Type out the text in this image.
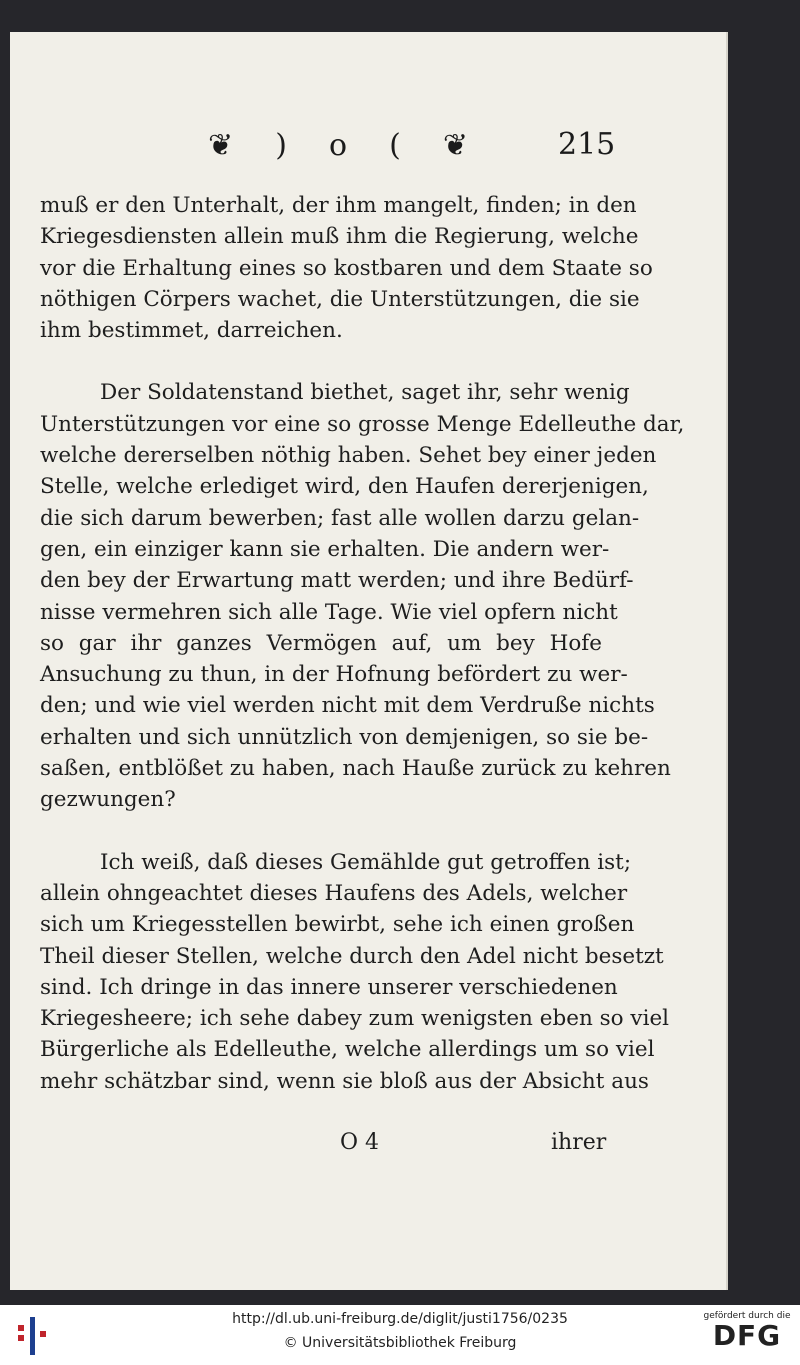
❦ ) o ( ❦	215
muß er den Unterhalt, der ihm mangelt, finden; in den
Kriegesdiensten allein muß ihm die Regierung, welche
vor die Erhaltung eines so kostbaren und dem Staate so
nöthigen Cörpers wachet, die Unterstützungen, die sie
ihm bestimmet, darreichen.
Der Soldatenstand biethet, saget ihr, sehr wenig
Unterstützungen vor eine so grosse Menge Edelleuthe dar,
welche dererselben nöthig haben. Sehet bey einer jeden
Stelle, welche erlediget wird, den Haufen dererjenigen,
die sich darum bewerben; fast alle wollen darzu gelan-
gen, ein einziger kann sie erhalten. Die andern wer-
den bey der Erwartung matt werden; und ihre Bedürf-
nisse vermehren sich alle Tage. Wie viel opfern nicht
so gar ihr ganzes Vermögen auf, um bey Hofe
Ansuchung zu thun, in der Hofnung befördert zu wer-
den; und wie viel werden nicht mit dem Verdruße nichts
erhalten und sich unnützlich von demjenigen, so sie be-
saßen, entblößet zu haben, nach Hauße zurück zu kehren
gezwungen?
Ich weiß, daß dieses Gemählde gut getroffen ist;
allein ohngeachtet dieses Haufens des Adels, welcher
sich um Kriegesstellen bewirbt, sehe ich einen großen
Theil dieser Stellen, welche durch den Adel nicht besetzt
sind. Ich dringe in das innere unserer verschiedenen
Kriegesheere; ich sehe dabey zum wenigsten eben so viel
Bürgerliche als Edelleuthe, welche allerdings um so viel
mehr schätzbar sind, wenn sie bloß aus der Absicht aus
O 4	ihrer
http://dl.ub.uni-freiburg.de/diglit/justi1756/0235
© Universitätsbibliothek Freiburg
gefördert durch die
DFG
